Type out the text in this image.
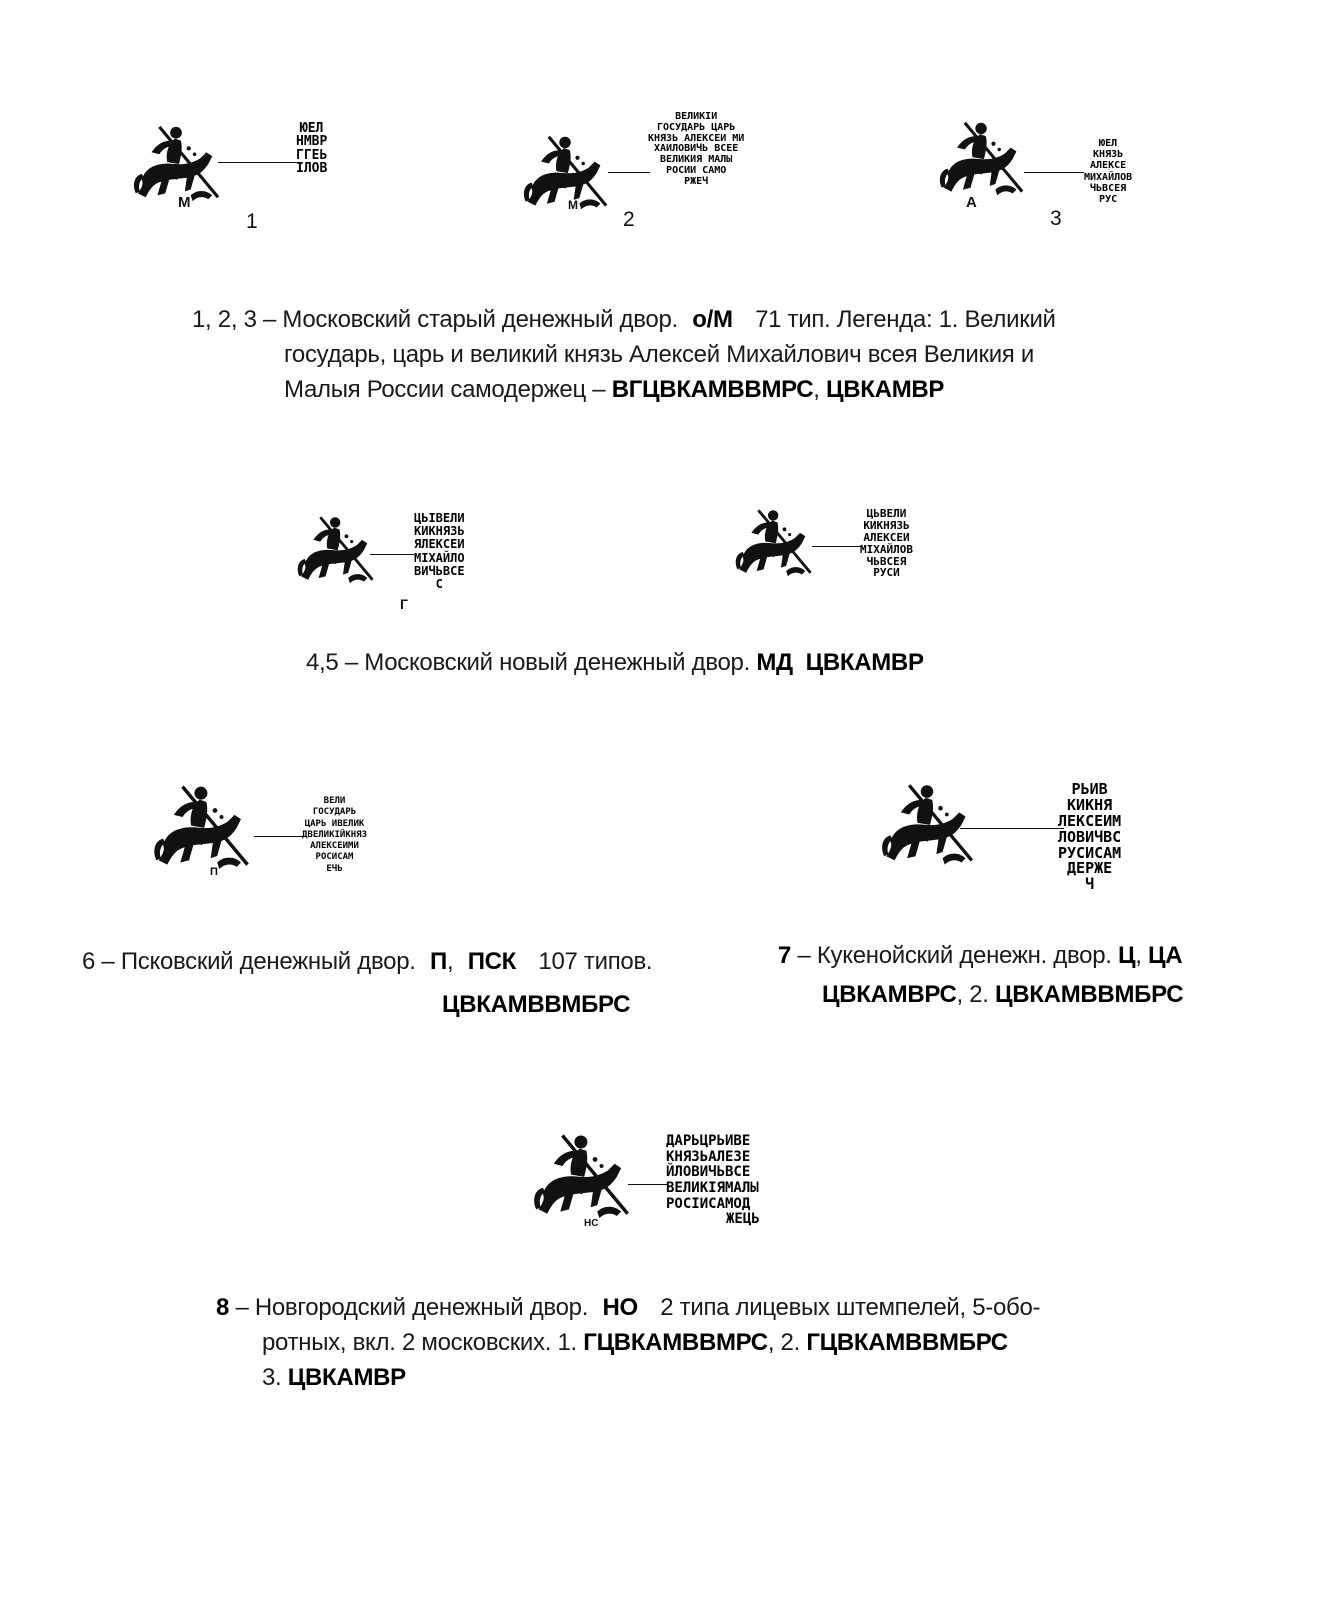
М
ЮЕЛ
НМВР
ГГЕЬ
ІЛОВ
1
М
ВЕЛИКІИ
ГОСУДАРЬ ЦАРЬ
КНЯЗЬ АЛЕКСЕИ МИ
ХАИЛОВИЧЬ ВСЕЕ
ВЕЛИКИЯ МАЛЫ
РОСИИ САМО
РЖЕЧ
2
А
ЮЕЛ
КНЯЗЬ
АЛЕКСЕ
МИХАЙЛОВ
ЧЬВСЕЯ
РУС
3
1, 2, 3 – Московский старый денежный двор. о/М 71 тип. Легенда: 1. Великий
государь, царь и великий князь Алексей Михайлович всея Великия и
Малыя России самодержец – ВГЦВКАМВВМРС, ЦВКАМВР
ЦЬІВЕЛИ
КИКНЯЗЬ
ЯЛЕКСЕИ
МІХАЙЛО
ВИЧЬВСЕ
С
Г
ЦЬВЕЛИ
КИКНЯЗЬ
АЛЕКСЕИ
МІХАЙЛОВ
ЧЬВСЕЯ
РУСИ
4,5 – Московский новый денежный двор. МД  ЦВКАМВР
П
ВЕЛИ
ГОСУДАРЬ
ЦАРЬ ИВЕЛИК
ДВЕЛИКІЙКНЯЗ
АЛЕКСЕИМИ
РОСИСАМ
ЕЧЬ
РЬИВ
КИКНЯ
ЛЕКСЕИМ
ЛОВИЧВС
РУСИСАМ
ДЕРЖЕ
Ч
6 – Псковский денежный двор. П, ПСК 107 типов.
ЦВКАМВВМБРС
7 – Кукенойский денежн. двор. Ц, ЦА
ЦВКАМВРС, 2. ЦВКАМВВМБРС
НС
ДАРЬЦРЬИВЕ
КНЯЗЬАЛЕЗЕ
ЙЛОВИЧЬВСЕ
ВЕЛИКІЯМАЛЫ
РОСІИСАМОД
ЖЕЦЬ
8 – Новгородский денежный двор. НО 2 типа лицевых штемпелей, 5-обо-
ротных, вкл. 2 московских. 1. ГЦВКАМВВМРС, 2. ГЦВКАМВВМБРС
3. ЦВКАМВР
